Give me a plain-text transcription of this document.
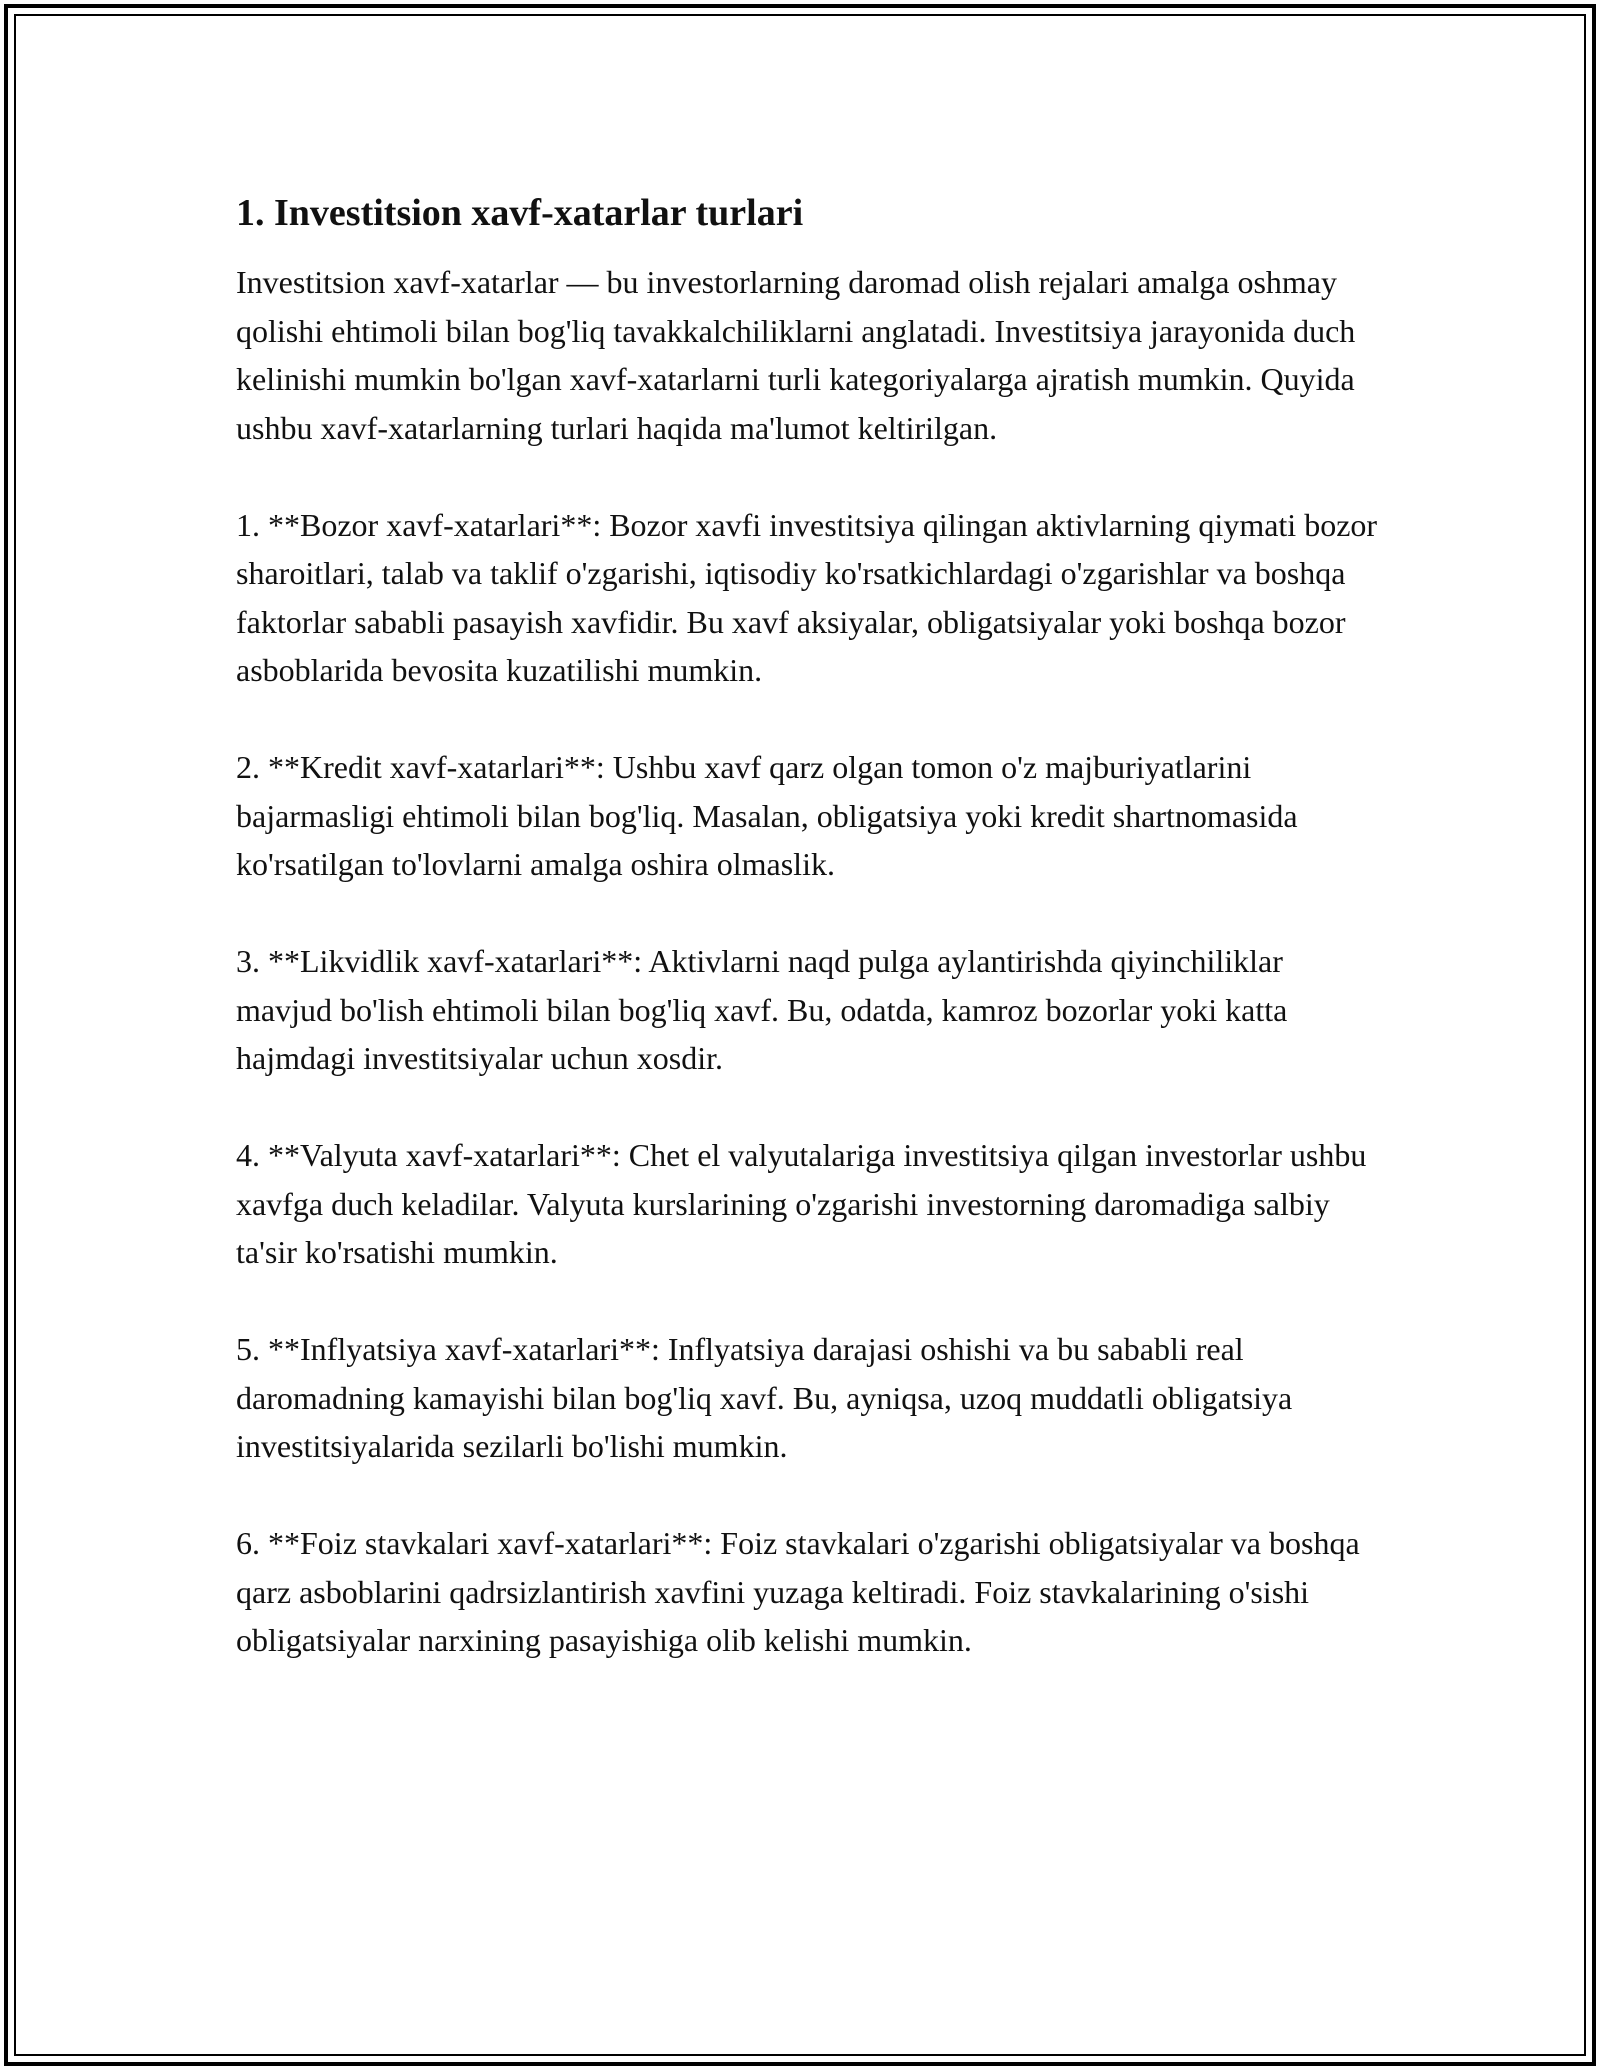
1. Investitsion xavf-xatarlar turlari

Investitsion xavf-xatarlar — bu investorlarning daromad olish rejalari amalga oshmay qolishi ehtimoli bilan bog'liq tavakkalchiliklarni anglatadi. Investitsiya jarayonida duch kelinishi mumkin bo'lgan xavf-xatarlarni turli kategoriyalarga ajratish mumkin. Quyida ushbu xavf-xatarlarning turlari haqida ma'lumot keltirilgan.

1. **Bozor xavf-xatarlari**: Bozor xavfi investitsiya qilingan aktivlarning qiymati bozor sharoitlari, talab va taklif o'zgarishi, iqtisodiy ko'rsatkichlardagi o'zgarishlar va boshqa faktorlar sababli pasayish xavfidir. Bu xavf aksiyalar, obligatsiyalar yoki boshqa bozor asboblarida bevosita kuzatilishi mumkin.

2. **Kredit xavf-xatarlari**: Ushbu xavf qarz olgan tomon o'z majburiyatlarini bajarmasligi ehtimoli bilan bog'liq. Masalan, obligatsiya yoki kredit shartnomasida ko'rsatilgan to'lovlarni amalga oshira olmaslik.

3. **Likvidlik xavf-xatarlari**: Aktivlarni naqd pulga aylantirishda qiyinchiliklar mavjud bo'lish ehtimoli bilan bog'liq xavf. Bu, odatda, kamroz bozorlar yoki katta hajmdagi investitsiyalar uchun xosdir.

4. **Valyuta xavf-xatarlari**: Chet el valyutalariga investitsiya qilgan investorlar ushbu xavfga duch keladilar. Valyuta kurslarining o'zgarishi investorning daromadiga salbiy ta'sir ko'rsatishi mumkin.

5. **Inflyatsiya xavf-xatarlari**: Inflyatsiya darajasi oshishi va bu sababli real daromadning kamayishi bilan bog'liq xavf. Bu, ayniqsa, uzoq muddatli obligatsiya investitsiyalarida sezilarli bo'lishi mumkin.

6. **Foiz stavkalari xavf-xatarlari**: Foiz stavkalari o'zgarishi obligatsiyalar va boshqa qarz asboblarini qadrsizlantirish xavfini yuzaga keltiradi. Foiz stavkalarining o'sishi obligatsiyalar narxining pasayishiga olib kelishi mumkin.
